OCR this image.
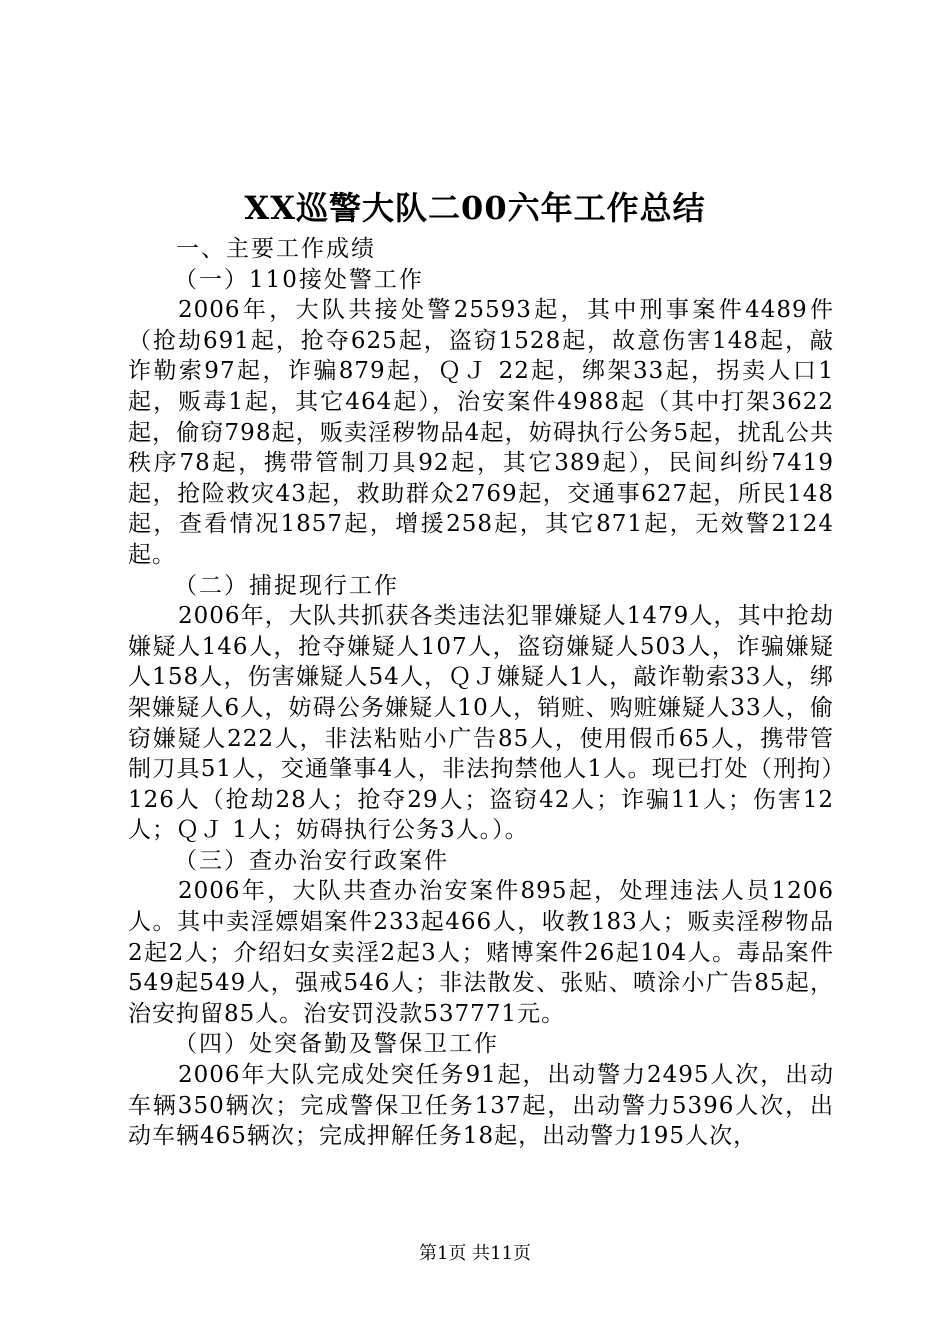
XX巡警大队二00六年工作总结

一、主要工作成绩

（一）110接处警工作

2006年，大队共接处警25593起，其中刑事案件4489件（抢劫691起，抢夺625起，盗窃1528起，故意伤害148起，敲诈勒索97起，诈骗879起，ＱＪ 22起，绑架33起，拐卖人口1起，贩毒1起，其它464起），治安案件4988起（其中打架3622起，偷窃798起，贩卖淫秽物品4起，妨碍执行公务5起，扰乱公共秩序78起，携带管制刀具92起，其它389起），民间纠纷7419起，抢险救灾43起，救助群众2769起，交通事627起，所民148起，查看情况1857起，增援258起，其它871起，无效警2124起。

（二）捕捉现行工作

2006年，大队共抓获各类违法犯罪嫌疑人1479人，其中抢劫嫌疑人146人，抢夺嫌疑人107人，盗窃嫌疑人503人，诈骗嫌疑人158人，伤害嫌疑人54人，ＱＪ嫌疑人1人，敲诈勒索33人，绑架嫌疑人6人，妨碍公务嫌疑人10人，销赃、购赃嫌疑人33人，偷窃嫌疑人222人，非法粘贴小广告85人，使用假币65人，携带管制刀具51人，交通肇事4人，非法拘禁他人1人。现已打处（刑拘）126人（抢劫28人；抢夺29人；盗窃42人；诈骗11人；伤害12人；ＱＪ 1人；妨碍执行公务3人。）。

（三）查办治安行政案件

2006年，大队共查办治安案件895起，处理违法人员1206人。其中卖淫嫖娼案件233起466人，收教183人；贩卖淫秽物品2起2人；介绍妇女卖淫2起3人；赌博案件26起104人。毒品案件549起549人，强戒546人；非法散发、张贴、喷涂小广告85起，治安拘留85人。治安罚没款537771元。

（四）处突备勤及警保卫工作

2006年大队完成处突任务91起，出动警力2495人次，出动车辆350辆次；完成警保卫任务137起，出动警力5396人次，出动车辆465辆次；完成押解任务18起，出动警力195人次，

第1页 共11页
